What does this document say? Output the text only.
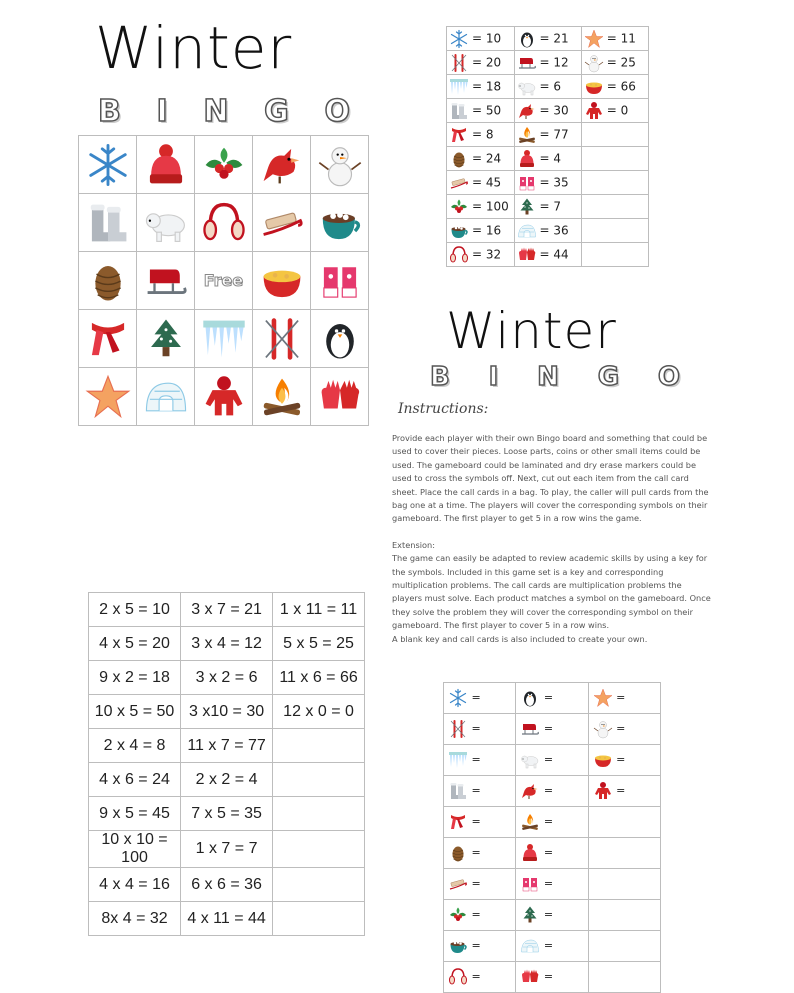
Winter
B I N G O

		Free		

= 10	= 21	= 11
= 20	= 12	= 25
= 18	= 6	= 66
= 50	= 30	= 0
= 8	= 77	
= 24	= 4	
= 45	= 35	
= 100	= 7	
= 16	= 36	
= 32	= 44	
Winter
B I N G O
Instructions:
Provide each player with their own Bingo board and something that could be used to cover their pieces. Loose parts, coins or other small items could be used. The gameboard could be laminated and dry erase markers could be used to cross the symbols off. Next, cut out each item from the call card sheet. Place the call cards in a bag. To play, the caller will pull cards from the bag one at a time. The players will cover the corresponding symbols on their gameboard. The first player to get 5 in a row wins the game.
Extension:
The game can easily be adapted to review academic skills by using a key for the symbols. Included in this game set is a key and corresponding multiplication problems. The call cards are multiplication problems the players must solve. Each product matches a symbol on the gameboard. Once they solve the problem they will cover the corresponding symbol on their gameboard. The first player to cover 5 in a row wins.
A blank key and call cards is also included to create your own.
2 x 5 = 10	3 x 7 = 21	1 x 11 = 11
4 x 5 = 20	3 x 4 = 12	5 x 5 = 25
9 x 2 = 18	3 x 2 = 6	11 x 6 = 66
10 x 5 = 50	3 x10 = 30	12 x 0 = 0
2 x 4 = 8	11 x 7 = 77	
4 x 6 = 24	2 x 2 = 4	
9 x 5 = 45	7 x 5 = 35	
10 x 10 = 100	1 x 7 = 7	
4 x 4 = 16	6 x 6 = 36	
8x 4 = 32	4 x 11 = 44	
=	=	=
=	=	=
=	=	=
=	=	=
=	=	
=	=	
=	=	
=	=	
=	=	
=	=	
